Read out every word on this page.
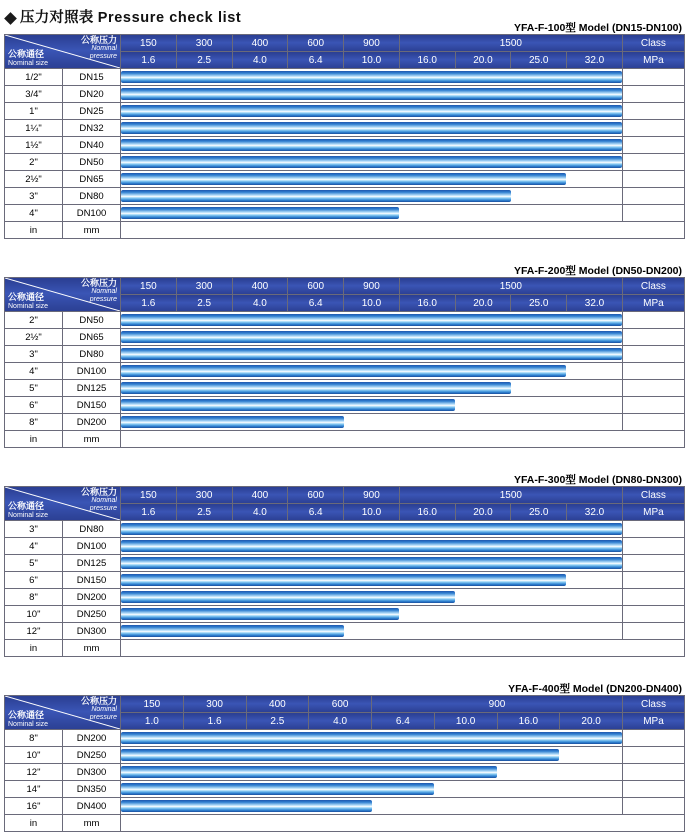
压力对照表 Pressure check list
YFA-F-100型 Model (DN15-DN100)
公称压力
Nominal
pressure
公称通径
Nominal size		150	300	400	600	900	1500				Class
		1.6	2.5	4.0	6.4	10.0	16.0	20.0	25.0	32.0	MPa
1/2"	DN15									

3/4"	DN20									

1"	DN25									

1¼"	DN32									

1½"	DN40									

2"	DN50									

2½"	DN65									

3"	DN80									

4"	DN100									

in	mm										
YFA-F-200型 Model (DN50-DN200)
公称压力
Nominal
pressure
公称通径
Nominal size		150	300	400	600	900	1500				Class
		1.6	2.5	4.0	6.4	10.0	16.0	20.0	25.0	32.0	MPa
2"	DN50									

2½"	DN65									

3"	DN80									

4"	DN100									

5"	DN125									

6"	DN150									

8"	DN200									

in	mm										
YFA-F-300型 Model (DN80-DN300)
公称压力
Nominal
pressure
公称通径
Nominal size		150	300	400	600	900	1500				Class
		1.6	2.5	4.0	6.4	10.0	16.0	20.0	25.0	32.0	MPa
3"	DN80									

4"	DN100									

5"	DN125									

6"	DN150									

8"	DN200									

10"	DN250									

12"	DN300									

in	mm										
YFA-F-400型 Model (DN200-DN400)
公称压力
Nominal
pressure
公称通径
Nominal size		150	300	400	600	900				Class
		1.0	1.6	2.5	4.0	6.4	10.0	16.0	20.0	MPa
8"	DN200								

10"	DN250								

12"	DN300								

14"	DN350								

16"	DN400								

in	mm									
